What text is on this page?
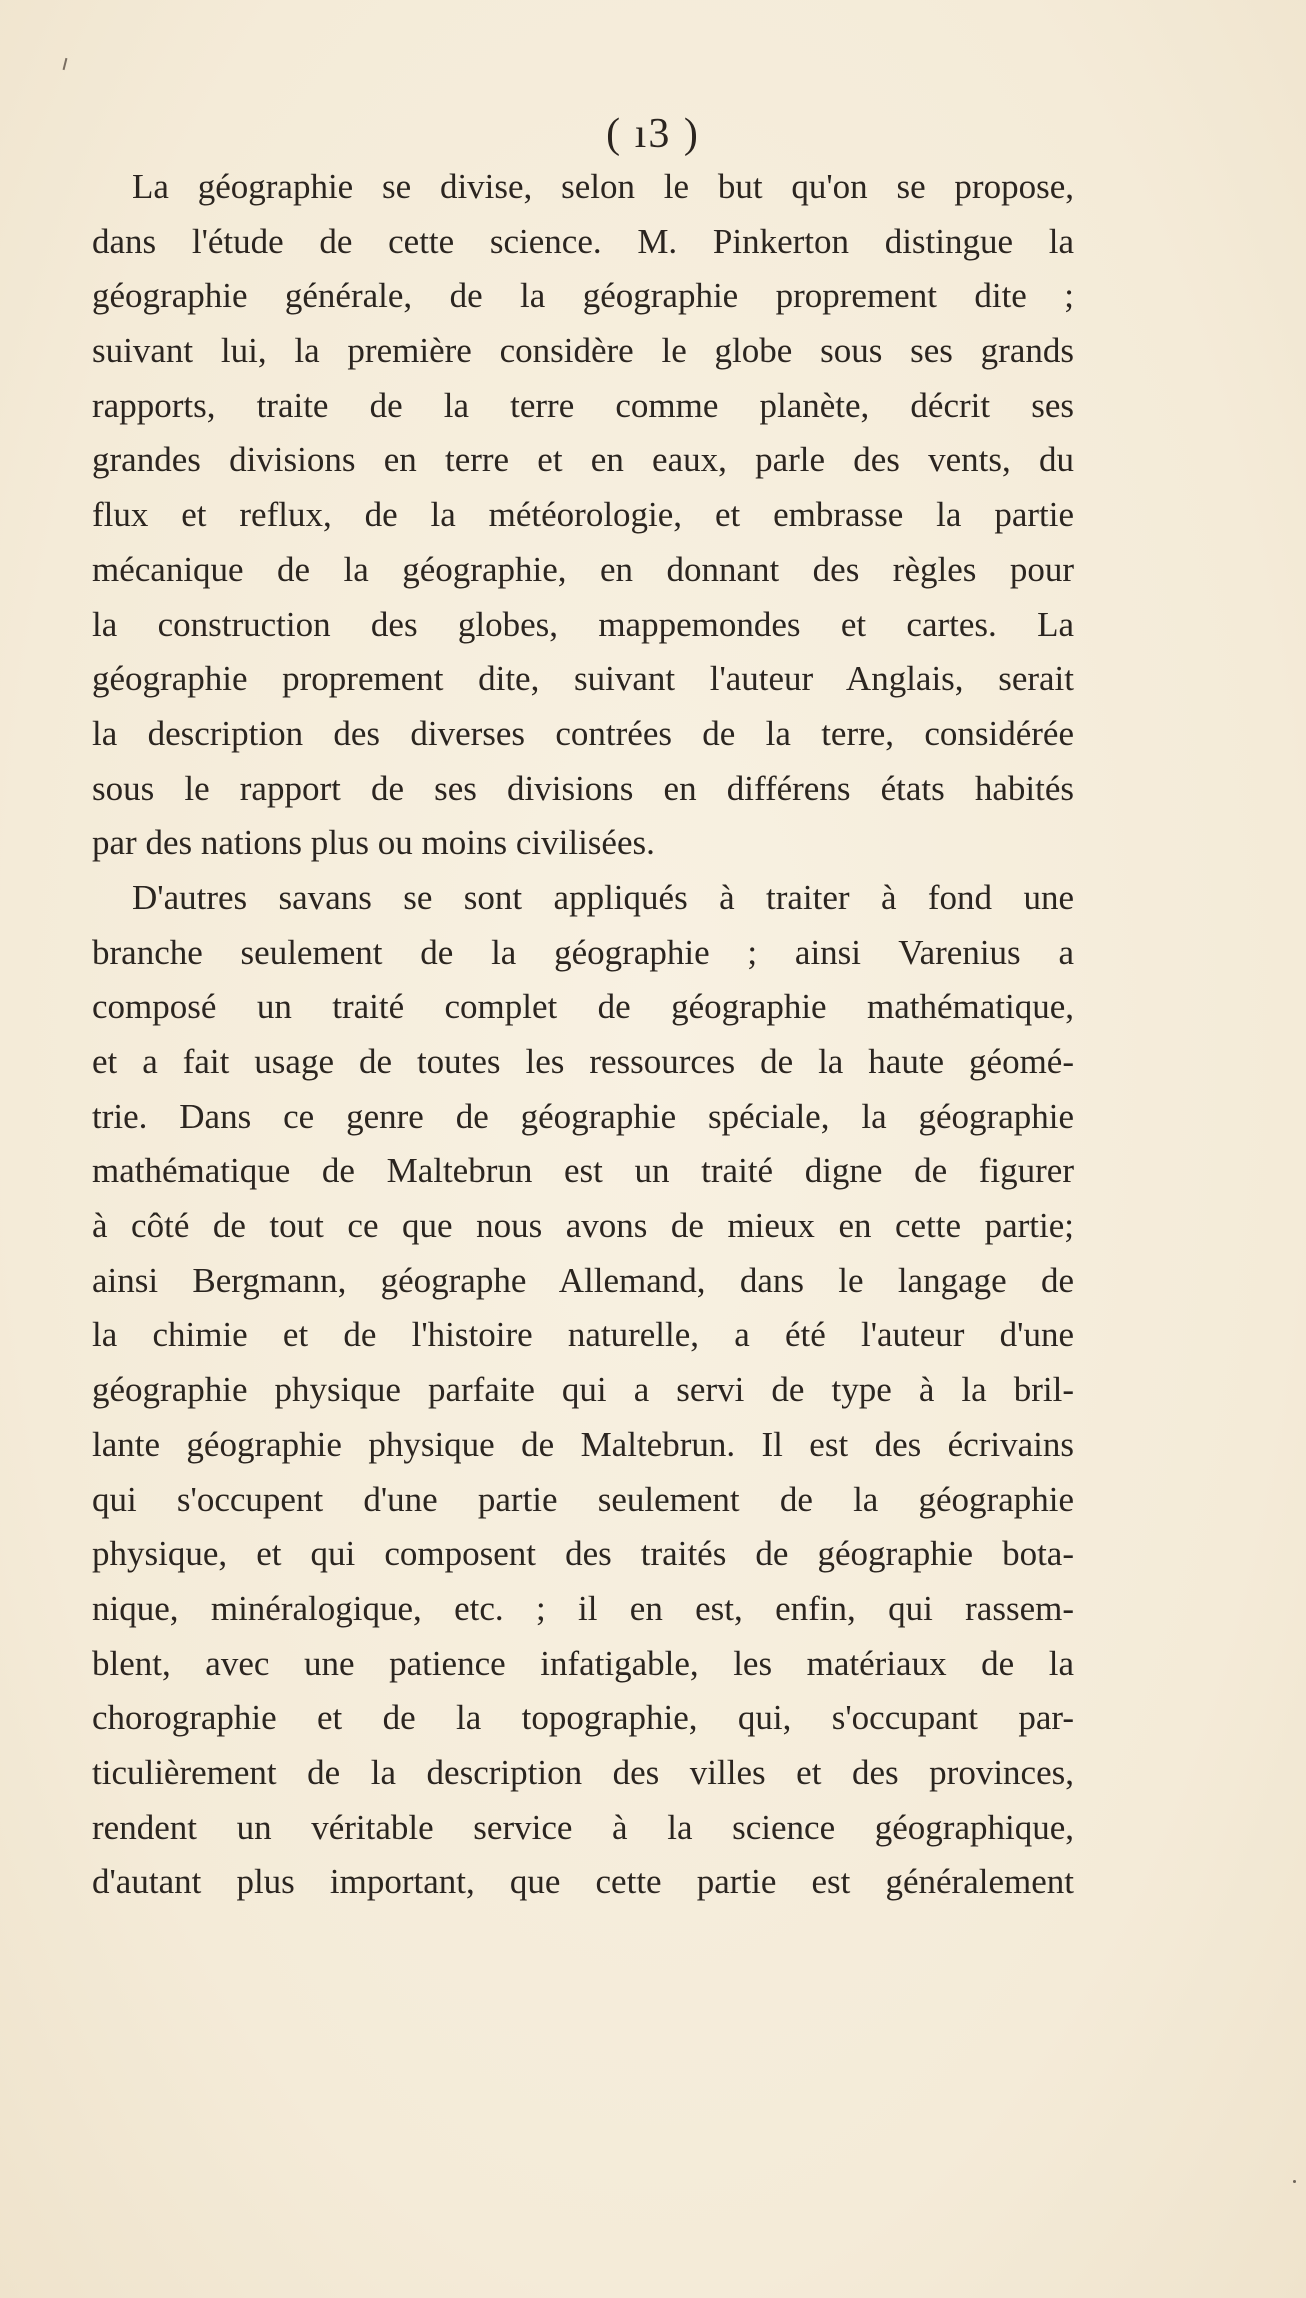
( ı3 )
La géographie se divise, selon le but qu'on se propose,
dans l'étude de cette science. M. Pinkerton distingue la
géographie générale, de la géographie proprement dite ;
suivant lui, la première considère le globe sous ses grands
rapports, traite de la terre comme planète, décrit ses
grandes divisions en terre et en eaux, parle des vents, du
flux et reflux, de la météorologie, et embrasse la partie
mécanique de la géographie, en donnant des règles pour
la construction des globes, mappemondes et cartes. La
géographie proprement dite, suivant l'auteur Anglais, serait
la description des diverses contrées de la terre, considérée
sous le rapport de ses divisions en différens états habités
par des nations plus ou moins civilisées.
D'autres savans se sont appliqués à traiter à fond une
branche seulement de la géographie ; ainsi Varenius a
composé un traité complet de géographie mathématique,
et a fait usage de toutes les ressources de la haute géomé-
trie. Dans ce genre de géographie spéciale, la géographie
mathématique de Maltebrun est un traité digne de figurer
à côté de tout ce que nous avons de mieux en cette partie;
ainsi Bergmann, géographe Allemand, dans le langage de
la chimie et de l'histoire naturelle, a été l'auteur d'une
géographie physique parfaite qui a servi de type à la bril-
lante géographie physique de Maltebrun. Il est des écrivains
qui s'occupent d'une partie seulement de la géographie
physique, et qui composent des traités de géographie bota-
nique, minéralogique, etc. ; il en est, enfin, qui rassem-
blent, avec une patience infatigable, les matériaux de la
chorographie et de la topographie, qui, s'occupant par-
ticulièrement de la description des villes et des provinces,
rendent un véritable service à la science géographique,
d'autant plus important, que cette partie est généralement
